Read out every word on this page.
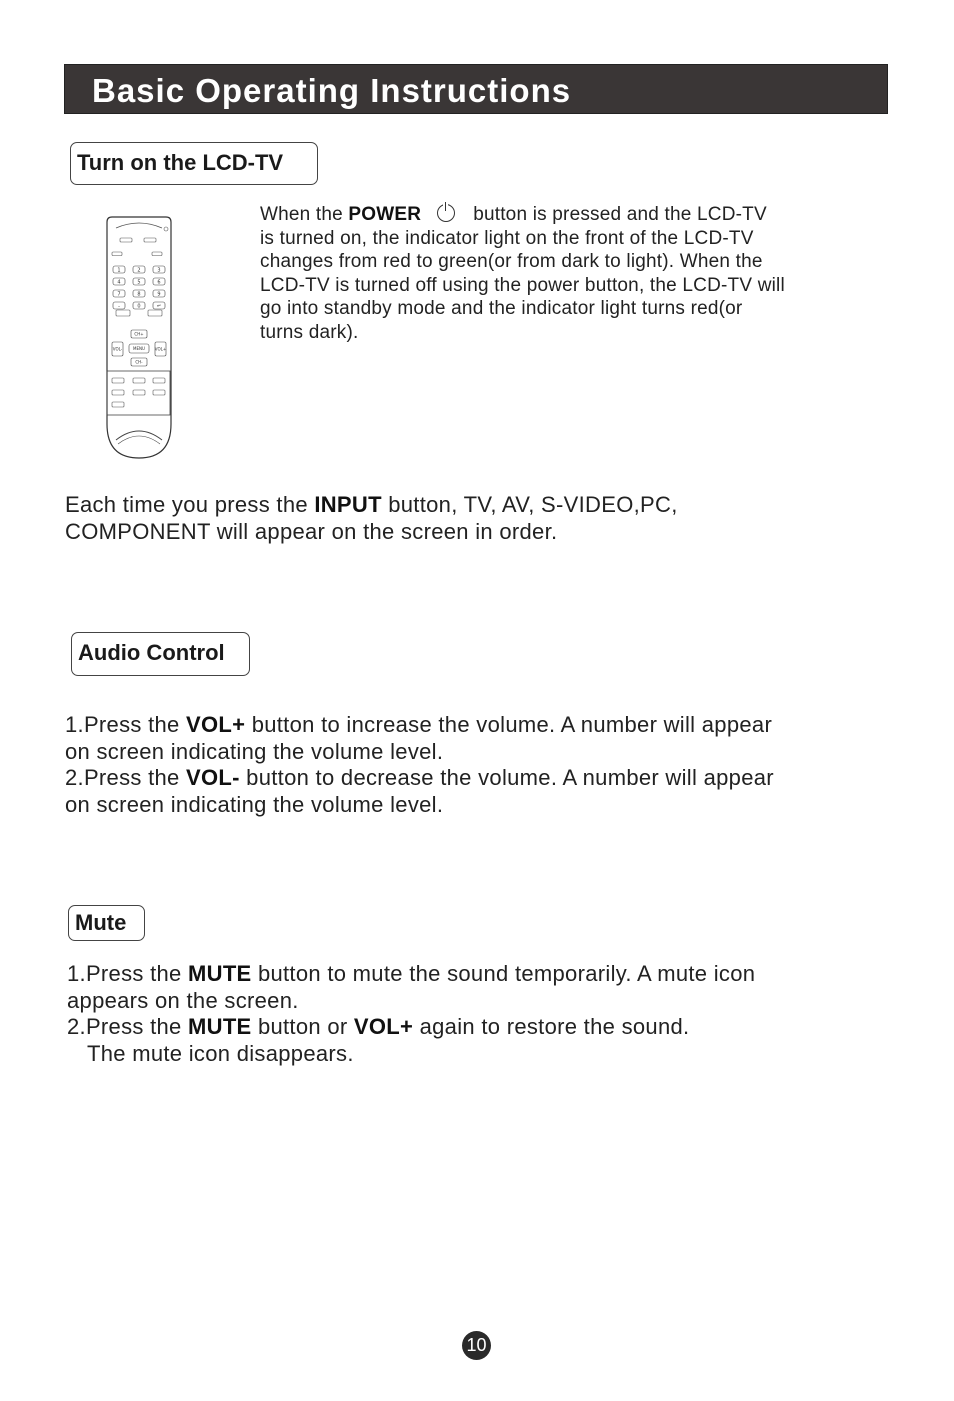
Basic Operating Instructions
Turn on the LCD-TV
1	2	3
4	5	6
7	8	9
-	0	↵
CH+
VOL-	MENU VOL+
CH-
When the POWER	button is pressed and the LCD-TV
is turned on, the indicator light on the front of the LCD-TV
changes from red to green(or from dark to light). When the
LCD-TV is turned off using the power button, the LCD-TV will
go into standby mode and the indicator light turns red(or
turns dark).
Each time you press the INPUT button, TV, AV, S-VIDEO,PC,
COMPONENT will appear on the screen in order.
Audio Control
1.Press the VOL+ button to increase the volume. A number will appear
on screen indicating the volume level.
2.Press the VOL- button to decrease the volume. A number will appear
on screen indicating the volume level.
Mute
1.Press the MUTE button to mute the sound temporarily. A mute icon
appears on the screen.
2.Press the MUTE button or VOL+ again to restore the sound.
The mute icon disappears.
10
